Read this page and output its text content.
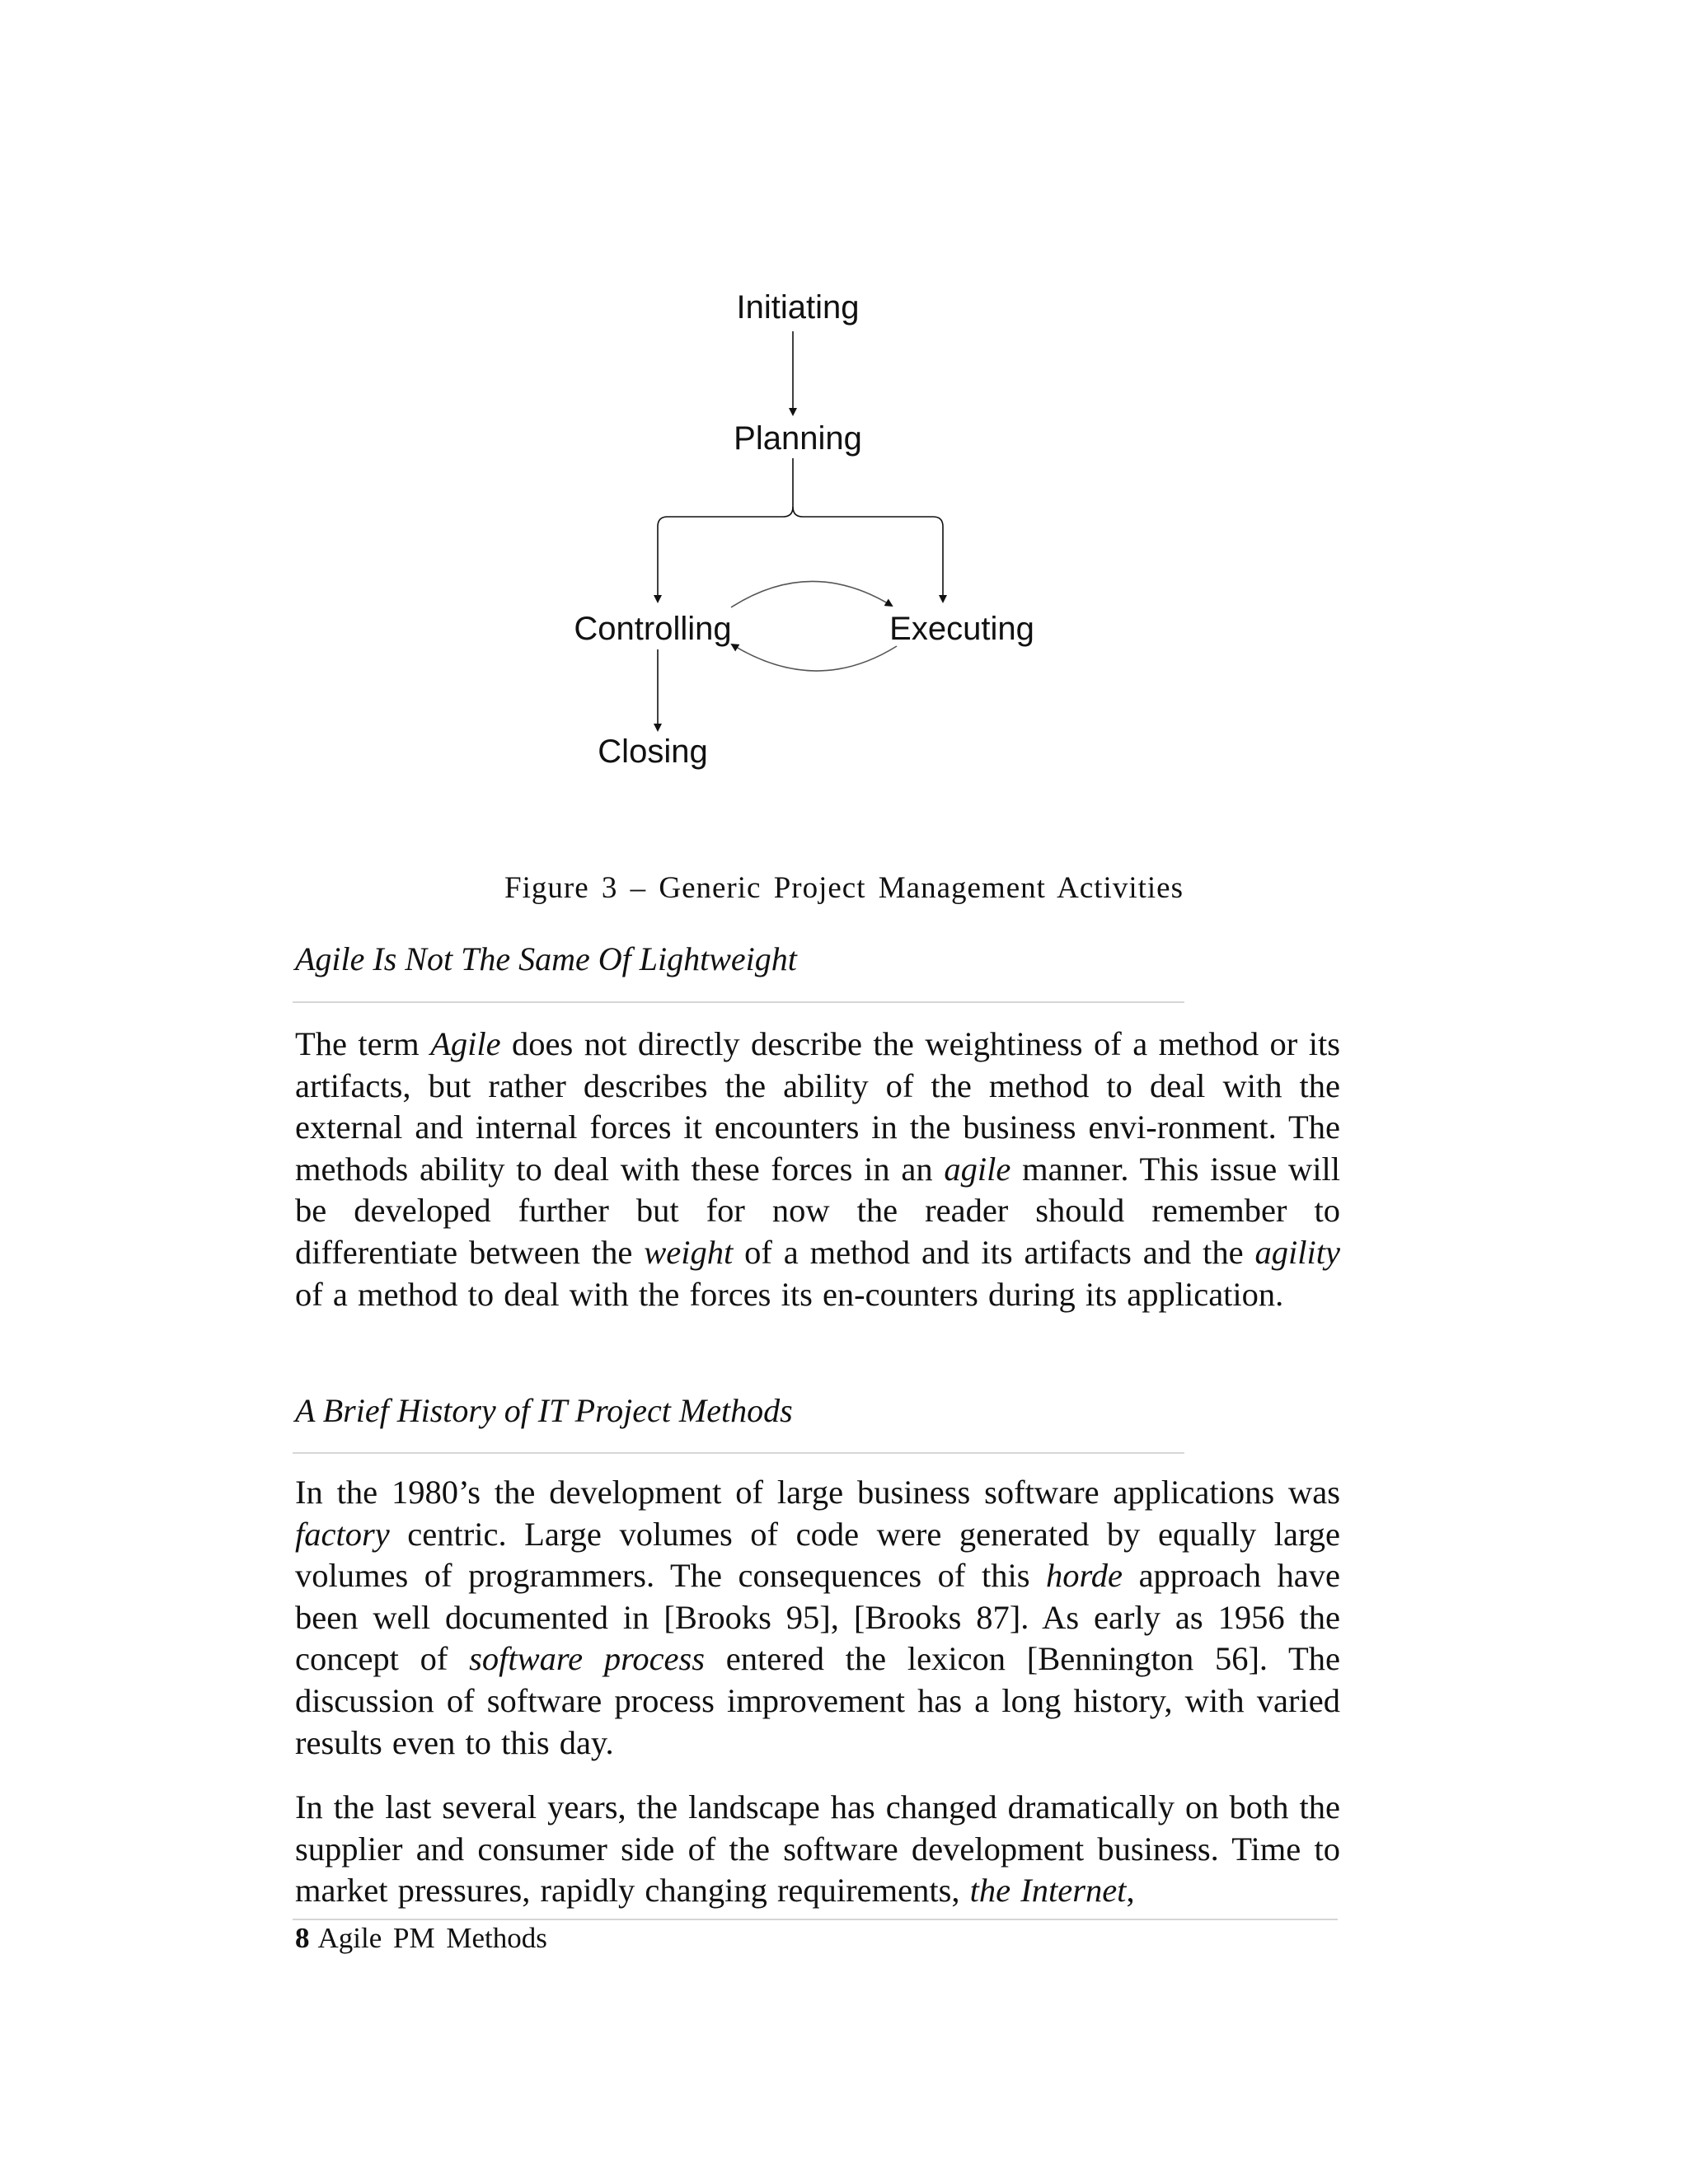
Initiating
Planning
Controlling	Executing
Closing
Figure 3 – Generic Project Management Activities
Agile Is Not The Same Of Lightweight

The term Agile does not directly describe the weightiness of a method or its artifacts, but rather describes the ability of the method to deal with the external and internal forces it encounters in the business envi-ronment. The methods ability to deal with these forces in an agile manner. This issue will be developed further but for now the reader should remember to differentiate between the weight of a method and its artifacts and the agility of a method to deal with the forces its en-counters during its application.

A Brief History of IT Project Methods

In the 1980’s the development of large business software applications was factory centric. Large volumes of code were generated by equally large volumes of programmers. The consequences of this horde approach have been well documented in [Brooks 95], [Brooks 87]. As early as 1956 the concept of software process entered the lexicon [Bennington 56]. The discussion of software process improvement has a long history, with varied results even to this day.

In the last several years, the landscape has changed dramatically on both the supplier and consumer side of the software development business. Time to market pressures, rapidly changing requirements, the Internet,

8 Agile PM Methods
